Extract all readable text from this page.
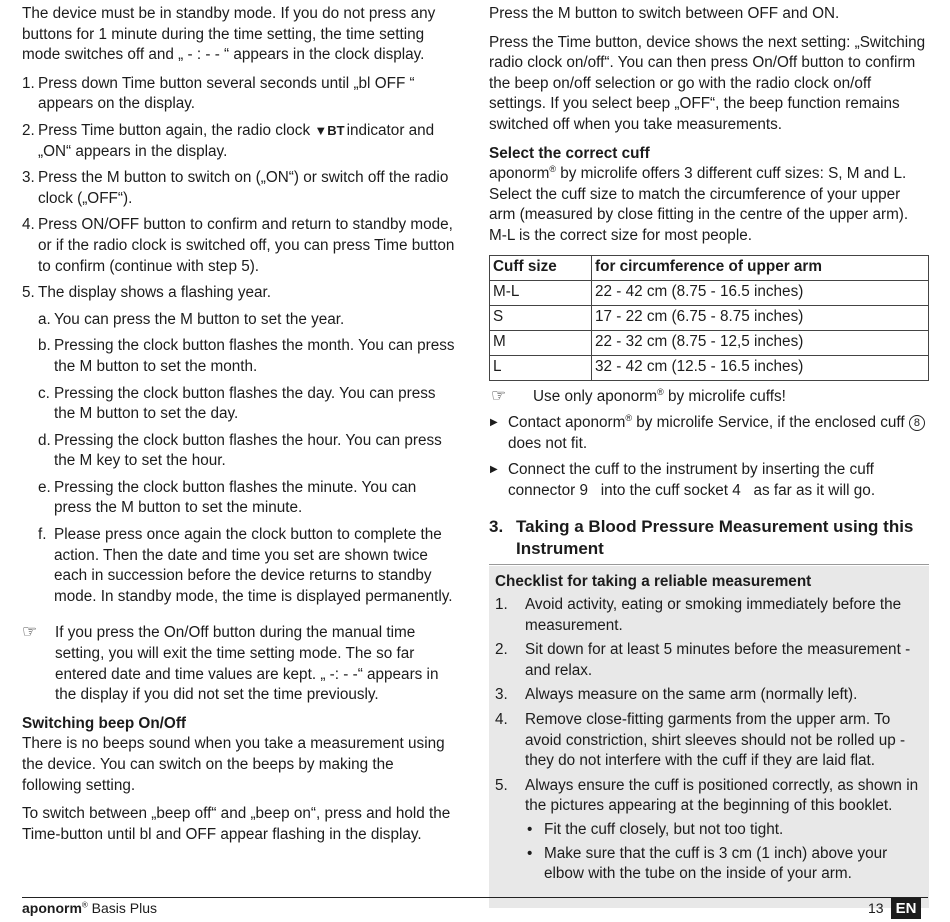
The device must be in standby mode. If you do not press any buttons for 1 minute during the time setting, the time setting mode switches off and „ - : - - “ appears in the clock display.

1. Press down Time button several seconds until „bl OFF “ appears on the display.
2. Press Time button again, the radio clock ▼BT indicator and „ON“ appears in the display.
3. Press the M button to switch on („ON“) or switch off the radio clock („OFF“).
4. Press ON/OFF button to confirm and return to standby mode, or if the radio clock is switched off, you can press Time button to confirm (continue with step 5).
5. The display shows a flashing year.
a. You can press the M button to set the year.
b. Pressing the clock button flashes the month. You can press the M button to set the month.
c. Pressing the clock button flashes the day. You can press the M button to set the day.
d. Pressing the clock button flashes the hour. You can press the M key to set the hour.
e. Pressing the clock button flashes the minute. You can press the M button to set the minute.
f. Please press once again the clock button to complete the action. Then the date and time you set are shown twice each in succession before the device returns to standby mode. In standby mode, the time is displayed permanently.
☞ If you press the On/Off button during the manual time setting, you will exit the time setting mode. The so far entered date and time values are kept. „ -: - -“ appears in the display if you did not set the time previously.

Switching beep On/Off

There is no beeps sound when you take a measurement using the device. You can switch on the beeps by making the following setting.

To switch between „beep off“ and „beep on“, press and hold the Time-button until bl and OFF appear flashing in the display.

Press the M button to switch between OFF and ON.

Press the Time button, device shows the next setting: „Switching radio clock on/off“. You can then press On/Off button to confirm the beep on/off selection or go with the radio clock on/off settings. If you select beep „OFF“, the beep function remains switched off when you take measurements.

Select the correct cuff

aponorm® by microlife offers 3 different cuff sizes: S, M and L. Select the cuff size to match the circumference of your upper arm (measured by close fitting in the centre of the upper arm). M-L is the correct size for most people.

Cuff size	for circumference of upper arm
M-L	22 - 42 cm (8.75 - 16.5 inches)
S	17 - 22 cm (6.75 - 8.75 inches)
M	22 - 32 cm (8.75 - 12,5 inches)
L	32 - 42 cm (12.5 - 16.5 inches)
☞ Use only aponorm® by microlife cuffs!
▶ Contact aponorm® by microlife Service, if the enclosed cuff 8 does not fit.
▶ Connect the cuff to the instrument by inserting the cuff connector 9 into the cuff socket 4 as far as it will go.
3. Taking a Blood Pressure Measurement using this Instrument

Checklist for taking a reliable measurement

1. Avoid activity, eating or smoking immediately before the measurement.
2. Sit down for at least 5 minutes before the measurement - and relax.
3. Always measure on the same arm (normally left).
4. Remove close-fitting garments from the upper arm. To avoid constriction, shirt sleeves should not be rolled up - they do not interfere with the cuff if they are laid flat.
5. Always ensure the cuff is positioned correctly, as shown in the pictures appearing at the beginning of this booklet.
• Fit the cuff closely, but not too tight.
• Make sure that the cuff is 3 cm (1 inch) above your elbow with the tube on the inside of your arm.
aponorm® Basis Plus	13 EN
